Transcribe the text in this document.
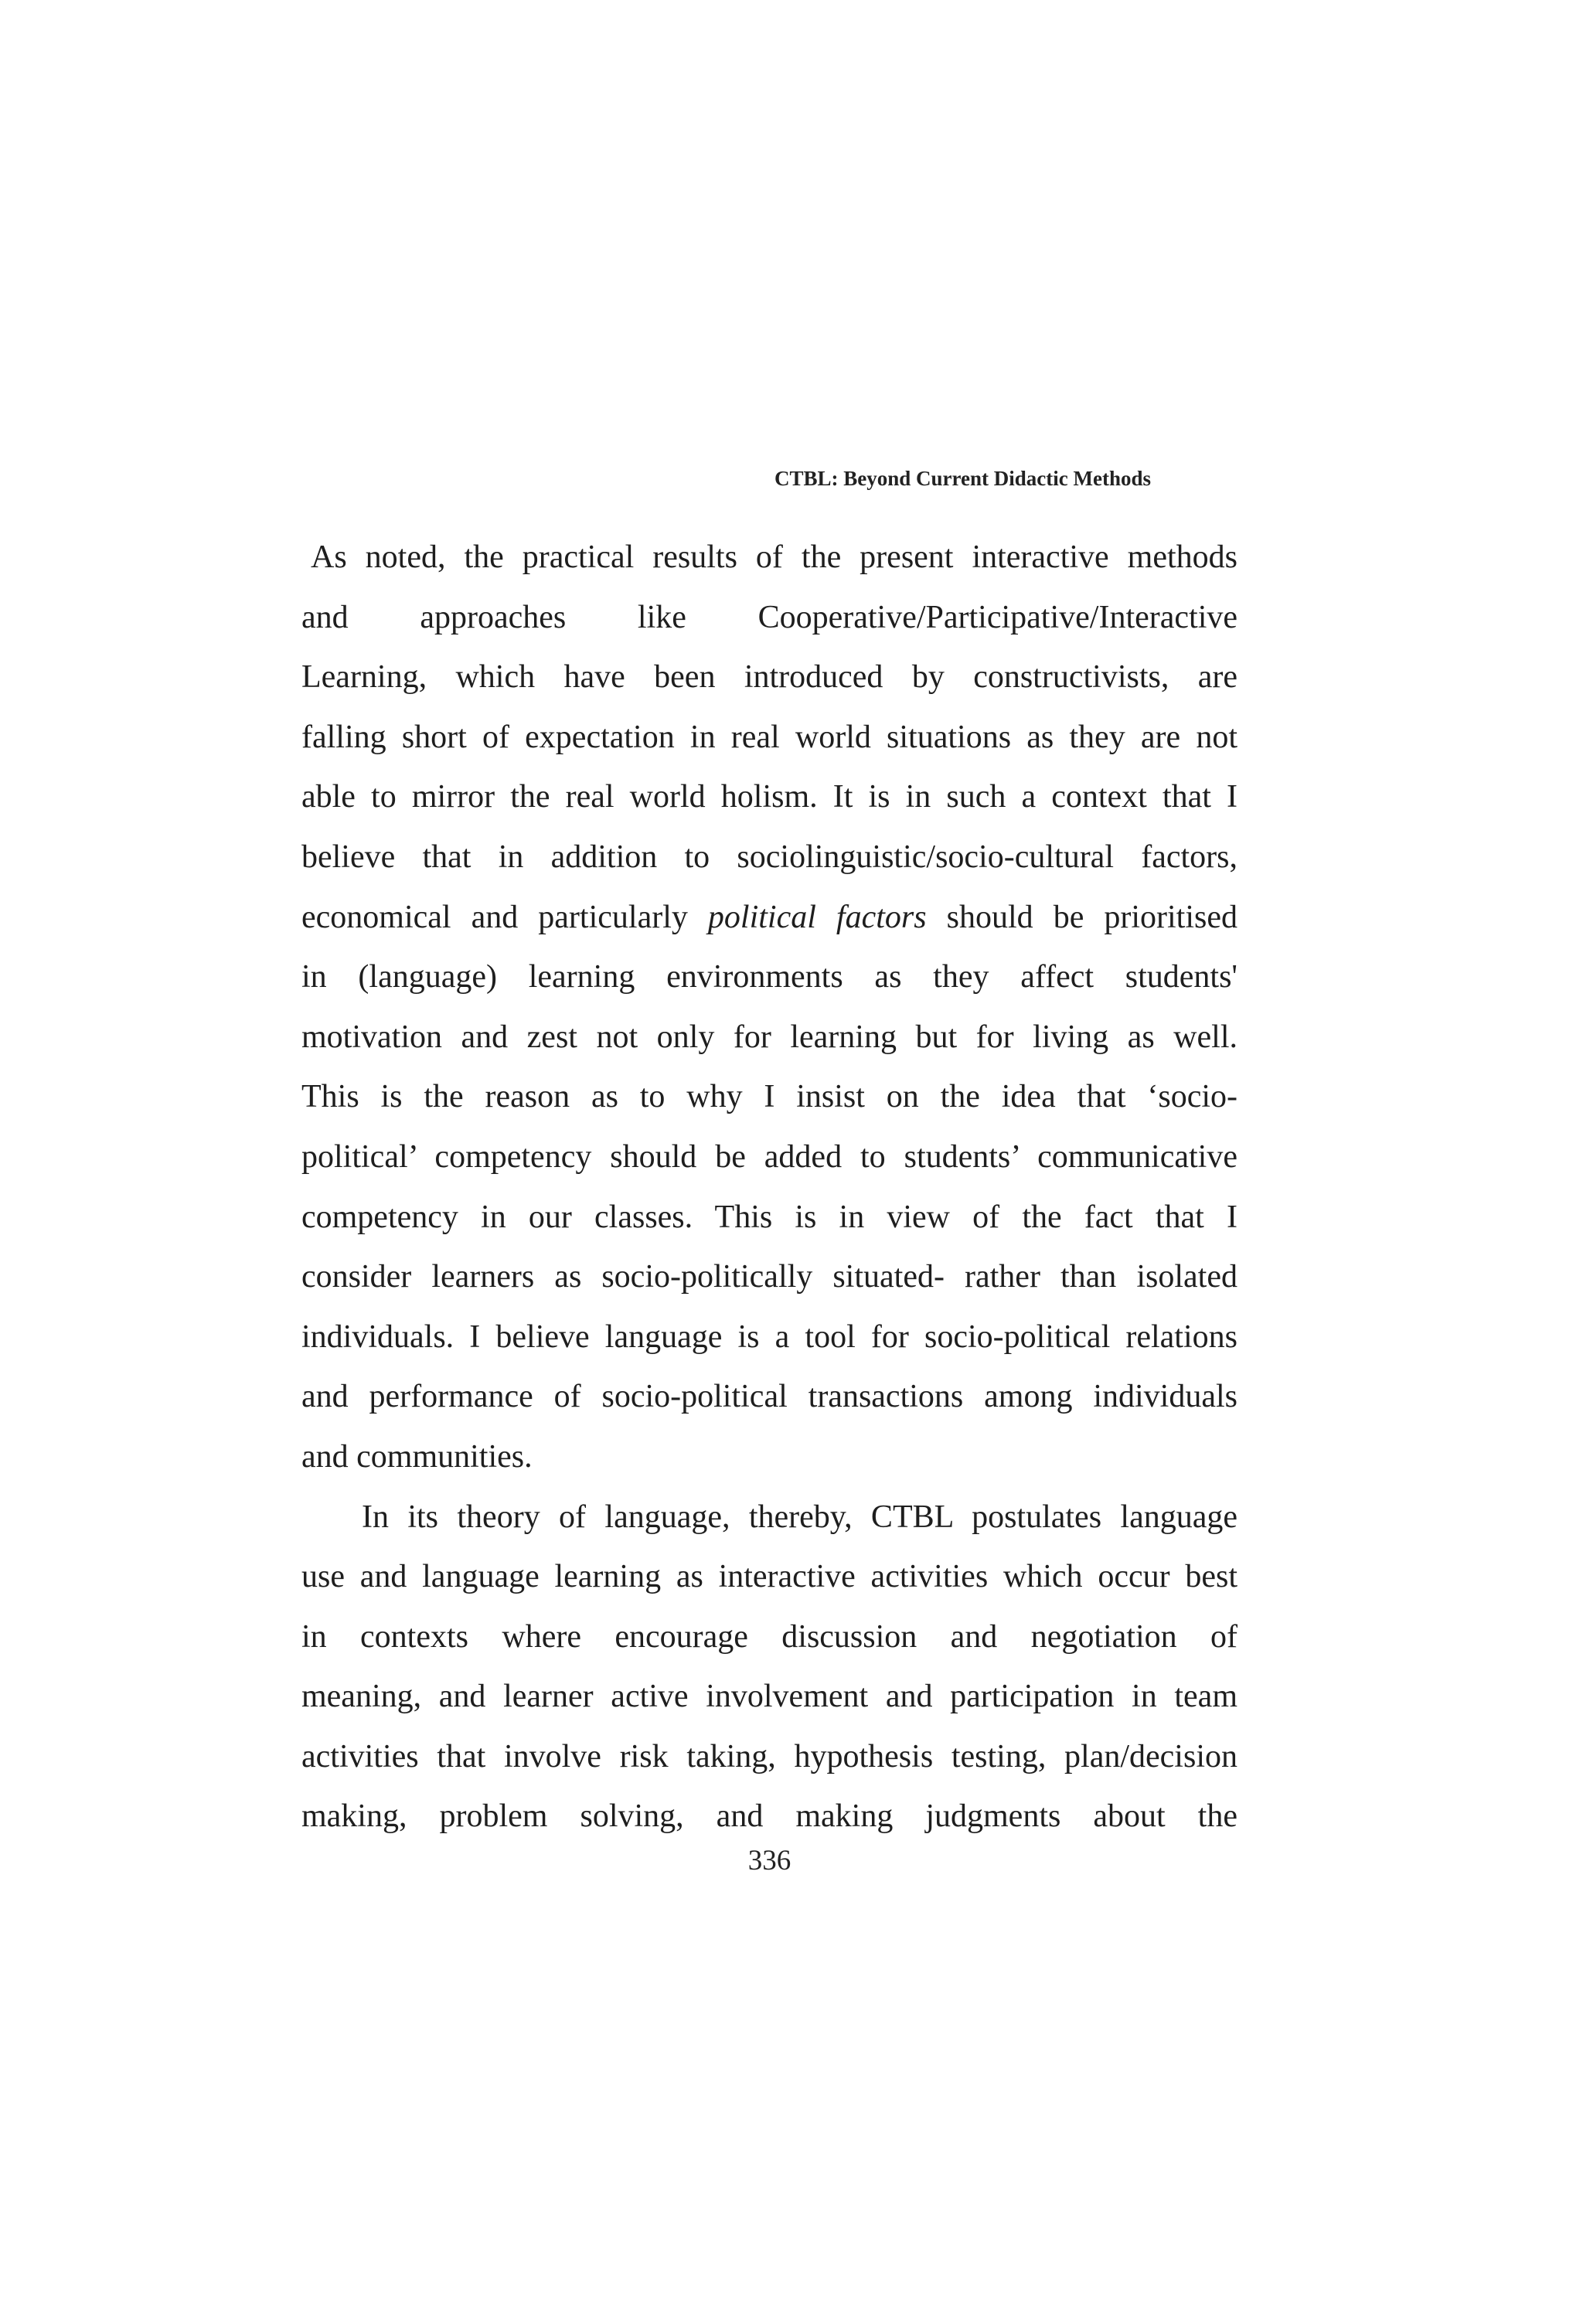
CTBL: Beyond Current Didactic Methods
As noted, the practical results of the present interactive methods
and approaches like Cooperative/Participative/Interactive
Learning, which have been introduced by constructivists, are
falling short of expectation in real world situations as they are not
able to mirror the real world holism. It is in such a context that I
believe that in addition to sociolinguistic/socio-cultural factors,
economical and particularly political factors should be prioritised
in (language) learning environments as they affect students'
motivation and zest not only for learning but for living as well.
This is the reason as to why I insist on the idea that ‘socio-
political’ competency should be added to students’ communicative
competency in our classes. This is in view of the fact that I
consider learners as socio-politically situated- rather than isolated
individuals. I believe language is a tool for socio-political relations
and performance of socio-political transactions among individuals
and communities.
In its theory of language, thereby, CTBL postulates language
use and language learning as interactive activities which occur best
in contexts where encourage discussion and negotiation of
meaning, and learner active involvement and participation in team
activities that involve risk taking, hypothesis testing, plan/decision
making, problem solving, and making judgments about the
336
